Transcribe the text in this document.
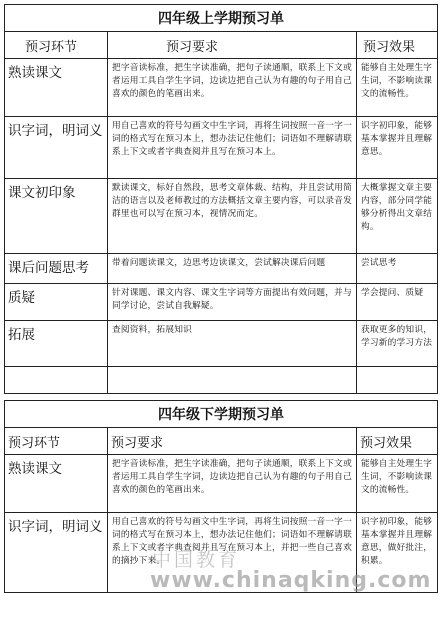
四年级上学期预习单		
预习环节	预习要求	预习效果
熟读课文	把字音读标准，把生字读准确，把句子读通顺，联系上下文或者运用工具自学生字词，边读边把自己认为有趣的句子用自己喜欢的颜色的笔画出来。	能够自主处理生字生词，不影响读课文的流畅性。
识字词，明词义	用自己喜欢的符号勾画文中生字词，再将生词按照一音一字一词的格式写在预习本上，想办法记住他们；词语如不理解请联系上下文或者字典查阅并且写在预习本上。	识字初印象，能够基本掌握并且理解意思。
课文初印象	默读课文，标好自然段，思考文章体裁、结构，并且尝试用简洁的语言以及老师教过的方法概括文章主要内容，可以录音发群里也可以写在预习本，视情况而定。	大概掌握文章主要内容，部分同学能够分析得出文章结构。
课后问题思考	带着问题读课文，边思考边读课文，尝试解决课后问题	尝试思考
质疑	针对课题、课文内容、课文生字词等方面提出有效问题，并与同学讨论，尝试自我解疑。	学会提问、质疑
拓展	查阅资料，拓展知识	获取更多的知识，学习新的学习方法

四年级下学期预习单		
预习环节	预习要求	预习效果
熟读课文	把字音读标准，把生字读准确，把句子读通顺，联系上下文或者运用工具自学生字词，边读边把自己认为有趣的句子用自己喜欢的颜色的笔画出来。	能够自主处理生字生词，不影响读课文的流畅性。
识字词，明词义	用自己喜欢的符号勾画文中生字词，再将生词按照一音一字一词的格式写在预习本上，想办法记住他们；词语如不理解请联系上下文或者字典查阅并且写在预习本上，并把一些自己喜欢的摘抄下来。	识字初印象，能够基本掌握并且理解意思，做好批注，积累。
中国教育
www.chinaqking.com
